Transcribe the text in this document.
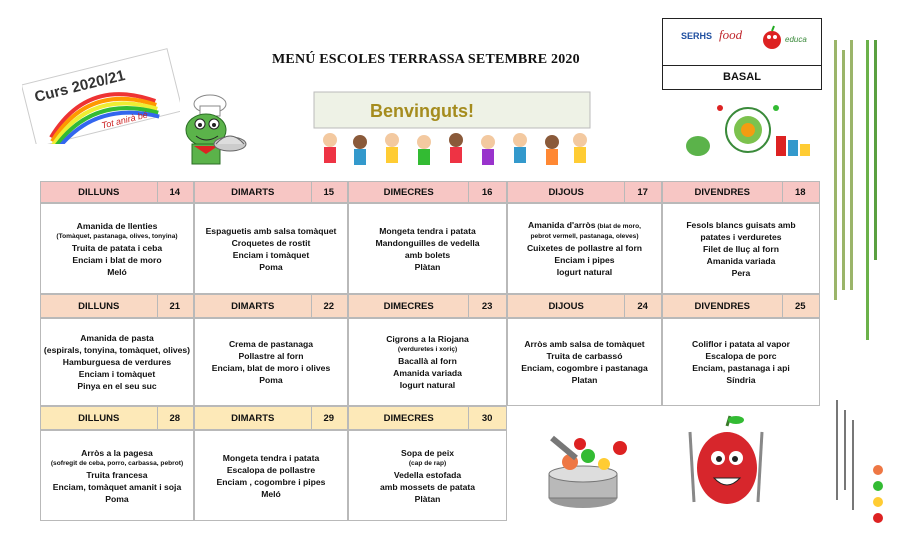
MENÚ ESCOLES TERRASSA SETEMBRE 2020
Curs 2020/21
Tot anirà bé	Benvinguts!
SERHS food	educa
BASAL
DILLUNS	14
Amanida de llenties
(Tomàquet, pastanaga, olives, tonyina)
Truita de patata i ceba
Enciam i blat de moro
Meló
DIMARTS	15
Espaguetis amb salsa tomàquet
Croquetes de rostit
Enciam i tomàquet
Poma
DIMECRES	16
Mongeta tendra i patata
Mandonguilles de vedella
amb bolets
Plàtan
DIJOUS	17
Amanida d'arròs (blat de moro,
pebrot vermell, pastanaga, oleves)
Cuixetes de pollastre al forn
Enciam i pipes
Iogurt natural
DIVENDRES	18
Fesols blancs guisats amb
patates i verduretes
Filet de lluç al forn
Amanida variada
Pera
DILLUNS	21
Amanida de pasta
(espirals, tonyina, tomàquet, olives)
Hamburguesa de verdures
Enciam i tomàquet
Pinya en el seu suc
DIMARTS	22
Crema de pastanaga
Pollastre al forn
Enciam, blat de moro i olives
Poma
DIMECRES	23
Cigrons a la Riojana
(verduretes i xoriç)
Bacallà al forn
Amanida variada
Iogurt natural
DIJOUS	24
Arròs amb salsa de tomàquet
Truita de carbassó
Enciam, cogombre i pastanaga
Platan
DIVENDRES	25
Coliflor i patata al vapor
Escalopa de porc
Enciam, pastanaga i api
Síndria
DILLUNS	28
Arròs a la pagesa
(sofregit de ceba, porro, carbassa, pebrot)
Truita francesa
Enciam, tomàquet amanit i soja
Poma
DIMARTS	29
Mongeta tendra i patata
Escalopa de pollastre
Enciam , cogombre i pipes
Meló
DIMECRES	30
Sopa de peix
(cap de rap)
Vedella estofada
amb mossets de patata
Plàtan
